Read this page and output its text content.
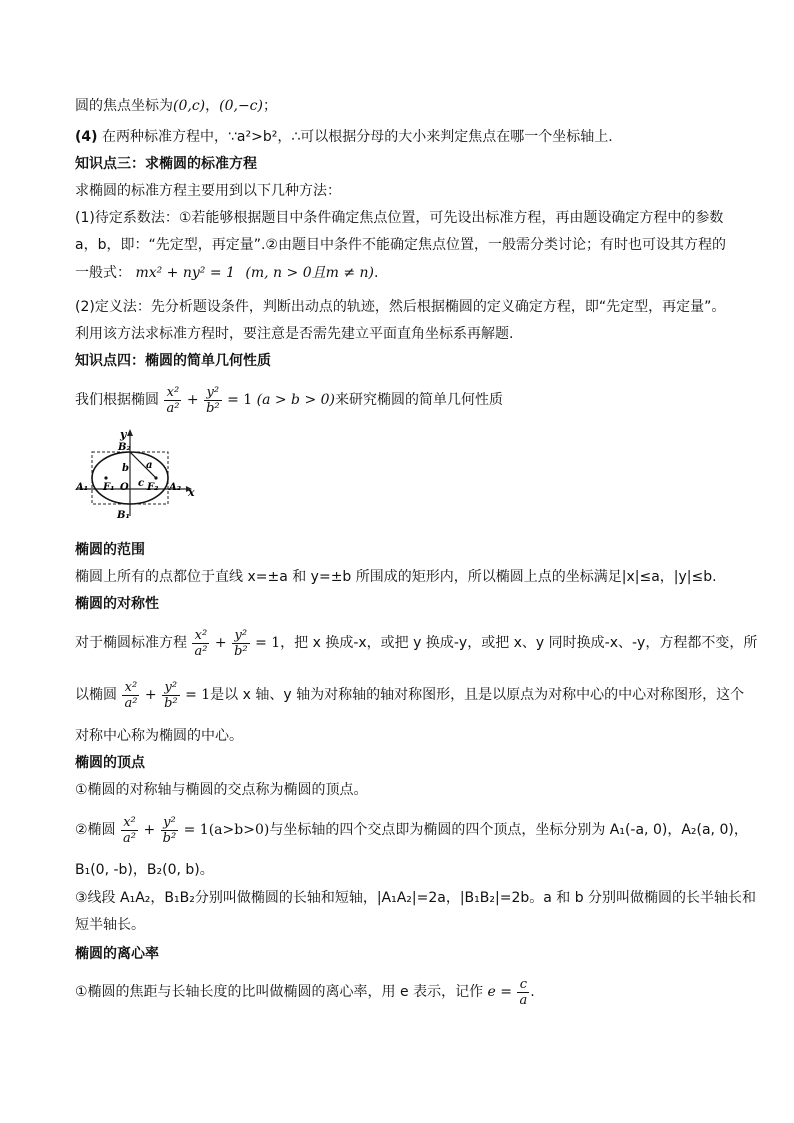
圆的焦点坐标为(0,c)，(0,−c)；
(4) 在两种标准方程中，∵a²>b²，∴可以根据分母的大小来判定焦点在哪一个坐标轴上.
知识点三：求椭圆的标准方程
求椭圆的标准方程主要用到以下几种方法：
(1)待定系数法：①若能够根据题目中条件确定焦点位置，可先设出标准方程，再由题设确定方程中的参数
a，b，即：“先定型，再定量”.②由题目中条件不能确定焦点位置，一般需分类讨论；有时也可设其方程的
一般式： mx² + ny² = 1 (m, n > 0且m ≠ n).
(2)定义法：先分析题设条件，判断出动点的轨迹，然后根据椭圆的定义确定方程，即“先定型，再定量”。
利用该方法求标准方程时，要注意是否需先建立平面直角坐标系再解题.
知识点四：椭圆的简单几何性质
我们根据椭圆 $\frac{\text{x²}}{\text{a²}} + \frac{\text{y²}}{\text{b²}} = 1$ (a > b > 0)来研究椭圆的简单几何性质
y
x
B₂
B₁
A₁	A₂
F₁	F₂
O
a
b
c
椭圆的范围
椭圆上所有的点都位于直线 x=±a 和 y=±b 所围成的矩形内，所以椭圆上点的坐标满足|x|≤a，|y|≤b.
椭圆的对称性
对于椭圆标准方程 $\frac{\text{x²}}{\text{a²}} + \frac{\text{y²}}{\text{b²}} = 1$，把 x 换成-x，或把 y 换成-y，或把 x、y 同时换成-x、-y，方程都不变，所
以椭圆 $\frac{\text{x²}}{\text{a²}} + \frac{\text{y²}}{\text{b²}} = 1$是以 x 轴、y 轴为对称轴的轴对称图形，且是以原点为对称中心的中心对称图形，这个
对称中心称为椭圆的中心。
椭圆的顶点
①椭圆的对称轴与椭圆的交点称为椭圆的顶点。
②椭圆 $\frac{\text{x²}}{\text{a²}} + \frac{\text{y²}}{\text{b²}} = 1(a>b>0)$与坐标轴的四个交点即为椭圆的四个顶点，坐标分别为 A₁(-a, 0)，A₂(a, 0)，
B₁(0, -b)，B₂(0, b)。
③线段 A₁A₂，B₁B₂分别叫做椭圆的长轴和短轴，|A₁A₂|=2a，|B₁B₂|=2b。a 和 b 分别叫做椭圆的长半轴长和
短半轴长。
椭圆的离心率
①椭圆的焦距与长轴长度的比叫做椭圆的离心率，用 e 表示，记作 $e = \frac{c}{a}$ .
